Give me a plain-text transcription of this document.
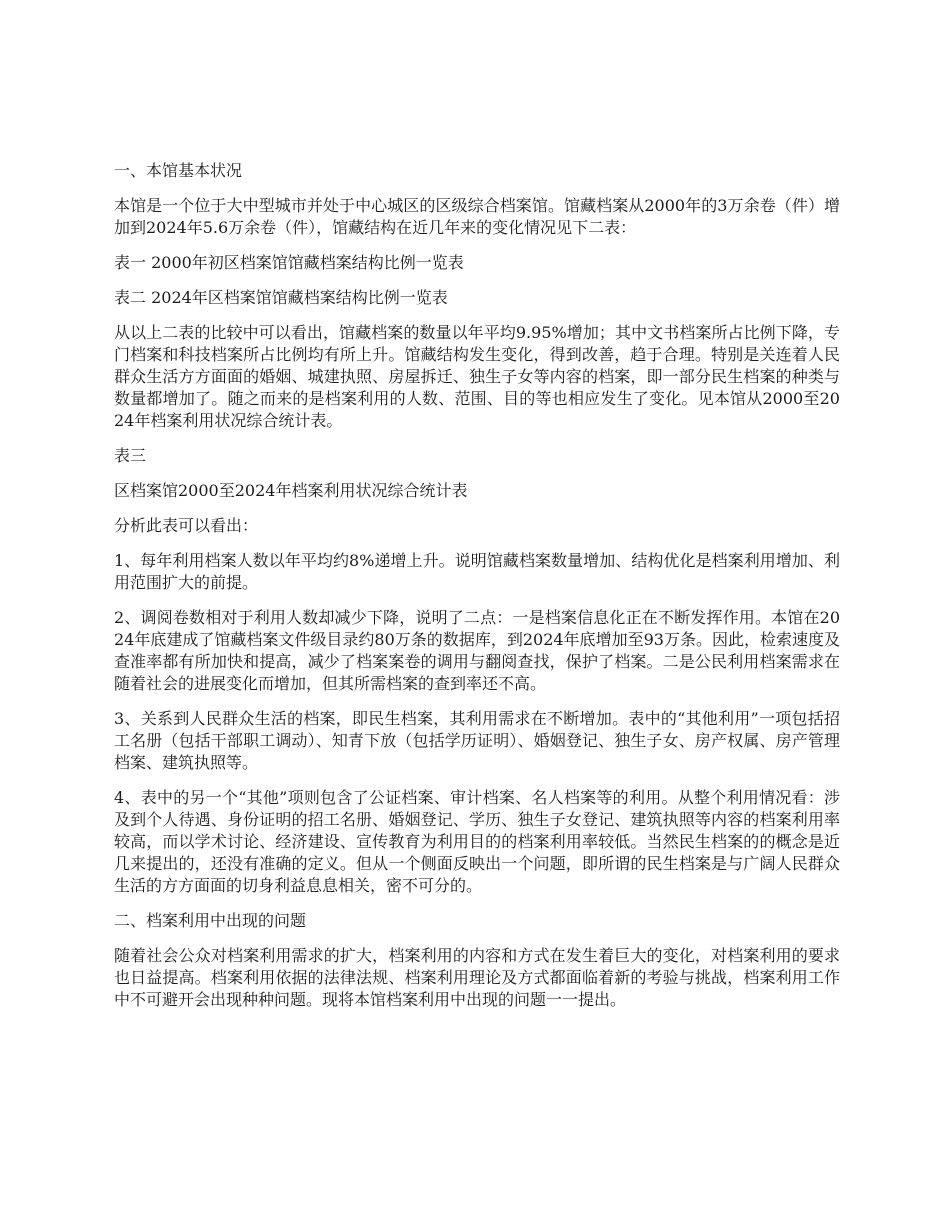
一、本馆基本状况

本馆是一个位于大中型城市并处于中心城区的区级综合档案馆。馆藏档案从2000年的3万余卷（件）增加到2024年5.6万余卷（件），馆藏结构在近几年来的变化情况见下二表：

表一 2000年初区档案馆馆藏档案结构比例一览表

表二 2024年区档案馆馆藏档案结构比例一览表

从以上二表的比较中可以看出，馆藏档案的数量以年平均9.95%增加；其中文书档案所占比例下降，专门档案和科技档案所占比例均有所上升。馆藏结构发生变化，得到改善，趋于合理。特别是关连着人民群众生活方方面面的婚姻、城建执照、房屋拆迁、独生子女等内容的档案，即一部分民生档案的种类与数量都增加了。随之而来的是档案利用的人数、范围、目的等也相应发生了变化。见本馆从2000至2024年档案利用状况综合统计表。

表三

区档案馆2000至2024年档案利用状况综合统计表

分析此表可以看出：

1、每年利用档案人数以年平均约8%递增上升。说明馆藏档案数量增加、结构优化是档案利用增加、利用范围扩大的前提。

2、调阅卷数相对于利用人数却减少下降，说明了二点：一是档案信息化正在不断发挥作用。本馆在2024年底建成了馆藏档案文件级目录约80万条的数据库，到2024年底增加至93万条。因此，检索速度及查准率都有所加快和提高，减少了档案案卷的调用与翻阅查找，保护了档案。二是公民利用档案需求在随着社会的进展变化而增加，但其所需档案的查到率还不高。

3、关系到人民群众生活的档案，即民生档案，其利用需求在不断增加。表中的“其他利用”一项包括招工名册（包括干部职工调动）、知青下放（包括学历证明）、婚姻登记、独生子女、房产权属、房产管理档案、建筑执照等。

4、表中的另一个“其他”项则包含了公证档案、审计档案、名人档案等的利用。从整个利用情况看：涉及到个人待遇、身份证明的招工名册、婚姻登记、学历、独生子女登记、建筑执照等内容的档案利用率较高，而以学术讨论、经济建设、宣传教育为利用目的的档案利用率较低。当然民生档案的的概念是近几来提出的，还没有准确的定义。但从一个侧面反映出一个问题，即所谓的民生档案是与广阔人民群众生活的方方面面的切身利益息息相关，密不可分的。

二、档案利用中出现的问题

随着社会公众对档案利用需求的扩大，档案利用的内容和方式在发生着巨大的变化，对档案利用的要求也日益提高。档案利用依据的法律法规、档案利用理论及方式都面临着新的考验与挑战，档案利用工作中不可避开会出现种种问题。现将本馆档案利用中出现的问题一一提出。
